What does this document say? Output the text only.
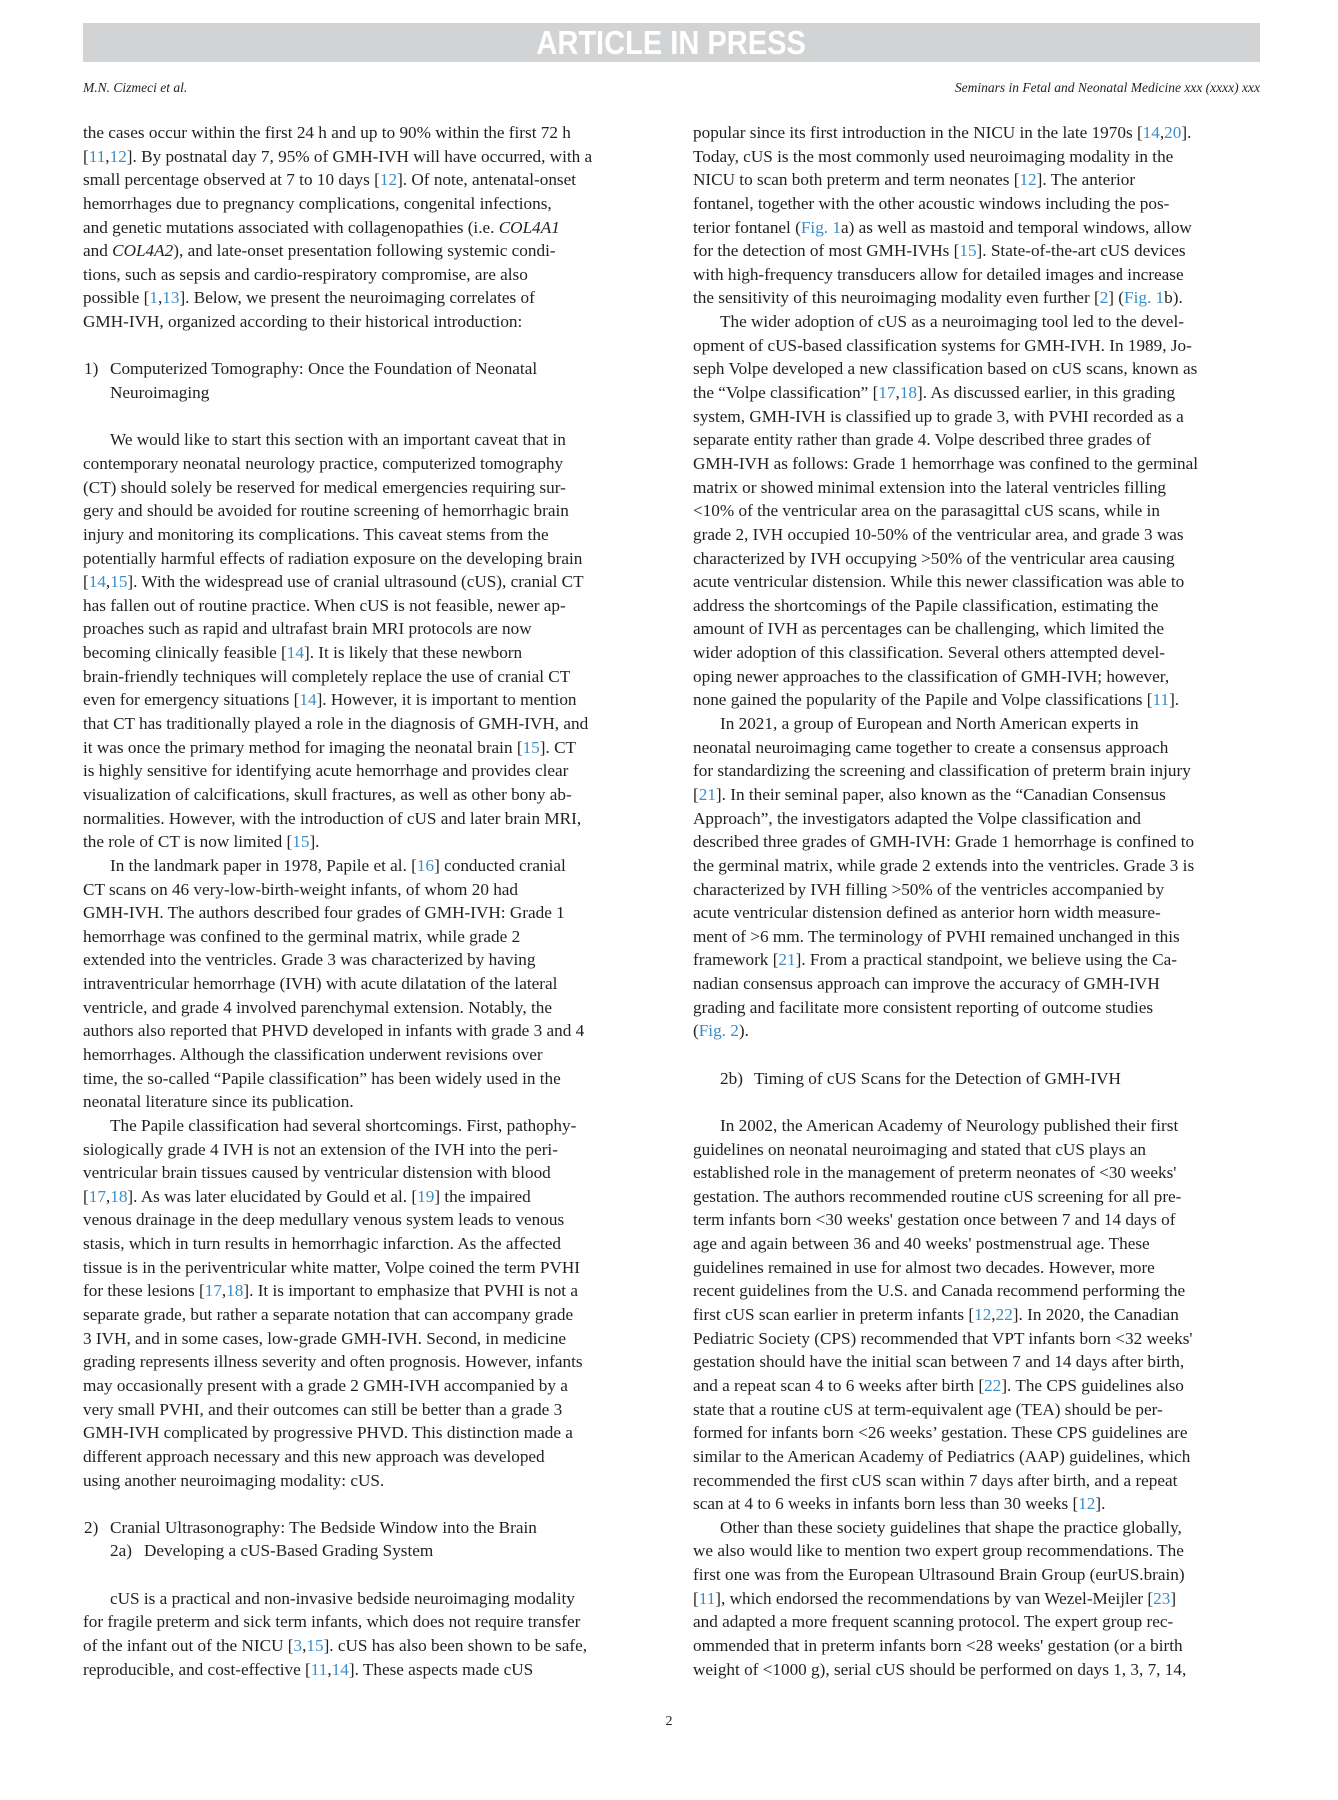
ARTICLE IN PRESS
M.N. Cizmeci et al.	Seminars in Fetal and Neonatal Medicine xxx (xxxx) xxx
the cases occur within the first 24 h and up to 90% within the first 72 h
[11,12]. By postnatal day 7, 95% of GMH-IVH will have occurred, with a
small percentage observed at 7 to 10 days [12]. Of note, antenatal-onset
hemorrhages due to pregnancy complications, congenital infections,
and genetic mutations associated with collagenopathies (i.e. COL4A1
and COL4A2), and late-onset presentation following systemic condi-
tions, such as sepsis and cardio-respiratory compromise, are also
possible [1,13]. Below, we present the neuroimaging correlates of
GMH-IVH, organized according to their historical introduction:
1) Computerized Tomography: Once the Foundation of Neonatal
Neuroimaging
We would like to start this section with an important caveat that in
contemporary neonatal neurology practice, computerized tomography
(CT) should solely be reserved for medical emergencies requiring sur-
gery and should be avoided for routine screening of hemorrhagic brain
injury and monitoring its complications. This caveat stems from the
potentially harmful effects of radiation exposure on the developing brain
[14,15]. With the widespread use of cranial ultrasound (cUS), cranial CT
has fallen out of routine practice. When cUS is not feasible, newer ap-
proaches such as rapid and ultrafast brain MRI protocols are now
becoming clinically feasible [14]. It is likely that these newborn
brain-friendly techniques will completely replace the use of cranial CT
even for emergency situations [14]. However, it is important to mention
that CT has traditionally played a role in the diagnosis of GMH-IVH, and
it was once the primary method for imaging the neonatal brain [15]. CT
is highly sensitive for identifying acute hemorrhage and provides clear
visualization of calcifications, skull fractures, as well as other bony ab-
normalities. However, with the introduction of cUS and later brain MRI,
the role of CT is now limited [15].
In the landmark paper in 1978, Papile et al. [16] conducted cranial
CT scans on 46 very-low-birth-weight infants, of whom 20 had
GMH-IVH. The authors described four grades of GMH-IVH: Grade 1
hemorrhage was confined to the germinal matrix, while grade 2
extended into the ventricles. Grade 3 was characterized by having
intraventricular hemorrhage (IVH) with acute dilatation of the lateral
ventricle, and grade 4 involved parenchymal extension. Notably, the
authors also reported that PHVD developed in infants with grade 3 and 4
hemorrhages. Although the classification underwent revisions over
time, the so-called “Papile classification” has been widely used in the
neonatal literature since its publication.
The Papile classification had several shortcomings. First, pathophy-
siologically grade 4 IVH is not an extension of the IVH into the peri-
ventricular brain tissues caused by ventricular distension with blood
[17,18]. As was later elucidated by Gould et al. [19] the impaired
venous drainage in the deep medullary venous system leads to venous
stasis, which in turn results in hemorrhagic infarction. As the affected
tissue is in the periventricular white matter, Volpe coined the term PVHI
for these lesions [17,18]. It is important to emphasize that PVHI is not a
separate grade, but rather a separate notation that can accompany grade
3 IVH, and in some cases, low-grade GMH-IVH. Second, in medicine
grading represents illness severity and often prognosis. However, infants
may occasionally present with a grade 2 GMH-IVH accompanied by a
very small PVHI, and their outcomes can still be better than a grade 3
GMH-IVH complicated by progressive PHVD. This distinction made a
different approach necessary and this new approach was developed
using another neuroimaging modality: cUS.
2) Cranial Ultrasonography: The Bedside Window into the Brain
2a) Developing a cUS-Based Grading System
cUS is a practical and non-invasive bedside neuroimaging modality
for fragile preterm and sick term infants, which does not require transfer
of the infant out of the NICU [3,15]. cUS has also been shown to be safe,
reproducible, and cost-effective [11,14]. These aspects made cUS
popular since its first introduction in the NICU in the late 1970s [14,20].
Today, cUS is the most commonly used neuroimaging modality in the
NICU to scan both preterm and term neonates [12]. The anterior
fontanel, together with the other acoustic windows including the pos-
terior fontanel (Fig. 1a) as well as mastoid and temporal windows, allow
for the detection of most GMH-IVHs [15]. State-of-the-art cUS devices
with high-frequency transducers allow for detailed images and increase
the sensitivity of this neuroimaging modality even further [2] (Fig. 1b).
The wider adoption of cUS as a neuroimaging tool led to the devel-
opment of cUS-based classification systems for GMH-IVH. In 1989, Jo-
seph Volpe developed a new classification based on cUS scans, known as
the “Volpe classification” [17,18]. As discussed earlier, in this grading
system, GMH-IVH is classified up to grade 3, with PVHI recorded as a
separate entity rather than grade 4. Volpe described three grades of
GMH-IVH as follows: Grade 1 hemorrhage was confined to the germinal
matrix or showed minimal extension into the lateral ventricles filling
<10% of the ventricular area on the parasagittal cUS scans, while in
grade 2, IVH occupied 10-50% of the ventricular area, and grade 3 was
characterized by IVH occupying >50% of the ventricular area causing
acute ventricular distension. While this newer classification was able to
address the shortcomings of the Papile classification, estimating the
amount of IVH as percentages can be challenging, which limited the
wider adoption of this classification. Several others attempted devel-
oping newer approaches to the classification of GMH-IVH; however,
none gained the popularity of the Papile and Volpe classifications [11].
In 2021, a group of European and North American experts in
neonatal neuroimaging came together to create a consensus approach
for standardizing the screening and classification of preterm brain injury
[21]. In their seminal paper, also known as the “Canadian Consensus
Approach”, the investigators adapted the Volpe classification and
described three grades of GMH-IVH: Grade 1 hemorrhage is confined to
the germinal matrix, while grade 2 extends into the ventricles. Grade 3 is
characterized by IVH filling >50% of the ventricles accompanied by
acute ventricular distension defined as anterior horn width measure-
ment of >6 mm. The terminology of PVHI remained unchanged in this
framework [21]. From a practical standpoint, we believe using the Ca-
nadian consensus approach can improve the accuracy of GMH-IVH
grading and facilitate more consistent reporting of outcome studies
(Fig. 2).
2b) Timing of cUS Scans for the Detection of GMH-IVH
In 2002, the American Academy of Neurology published their first
guidelines on neonatal neuroimaging and stated that cUS plays an
established role in the management of preterm neonates of <30 weeks'
gestation. The authors recommended routine cUS screening for all pre-
term infants born <30 weeks' gestation once between 7 and 14 days of
age and again between 36 and 40 weeks' postmenstrual age. These
guidelines remained in use for almost two decades. However, more
recent guidelines from the U.S. and Canada recommend performing the
first cUS scan earlier in preterm infants [12,22]. In 2020, the Canadian
Pediatric Society (CPS) recommended that VPT infants born <32 weeks'
gestation should have the initial scan between 7 and 14 days after birth,
and a repeat scan 4 to 6 weeks after birth [22]. The CPS guidelines also
state that a routine cUS at term-equivalent age (TEA) should be per-
formed for infants born <26 weeks’ gestation. These CPS guidelines are
similar to the American Academy of Pediatrics (AAP) guidelines, which
recommended the first cUS scan within 7 days after birth, and a repeat
scan at 4 to 6 weeks in infants born less than 30 weeks [12].
Other than these society guidelines that shape the practice globally,
we also would like to mention two expert group recommendations. The
first one was from the European Ultrasound Brain Group (eurUS.brain)
[11], which endorsed the recommendations by van Wezel-Meijler [23]
and adapted a more frequent scanning protocol. The expert group rec-
ommended that in preterm infants born <28 weeks' gestation (or a birth
weight of <1000 g), serial cUS should be performed on days 1, 3, 7, 14,
2
